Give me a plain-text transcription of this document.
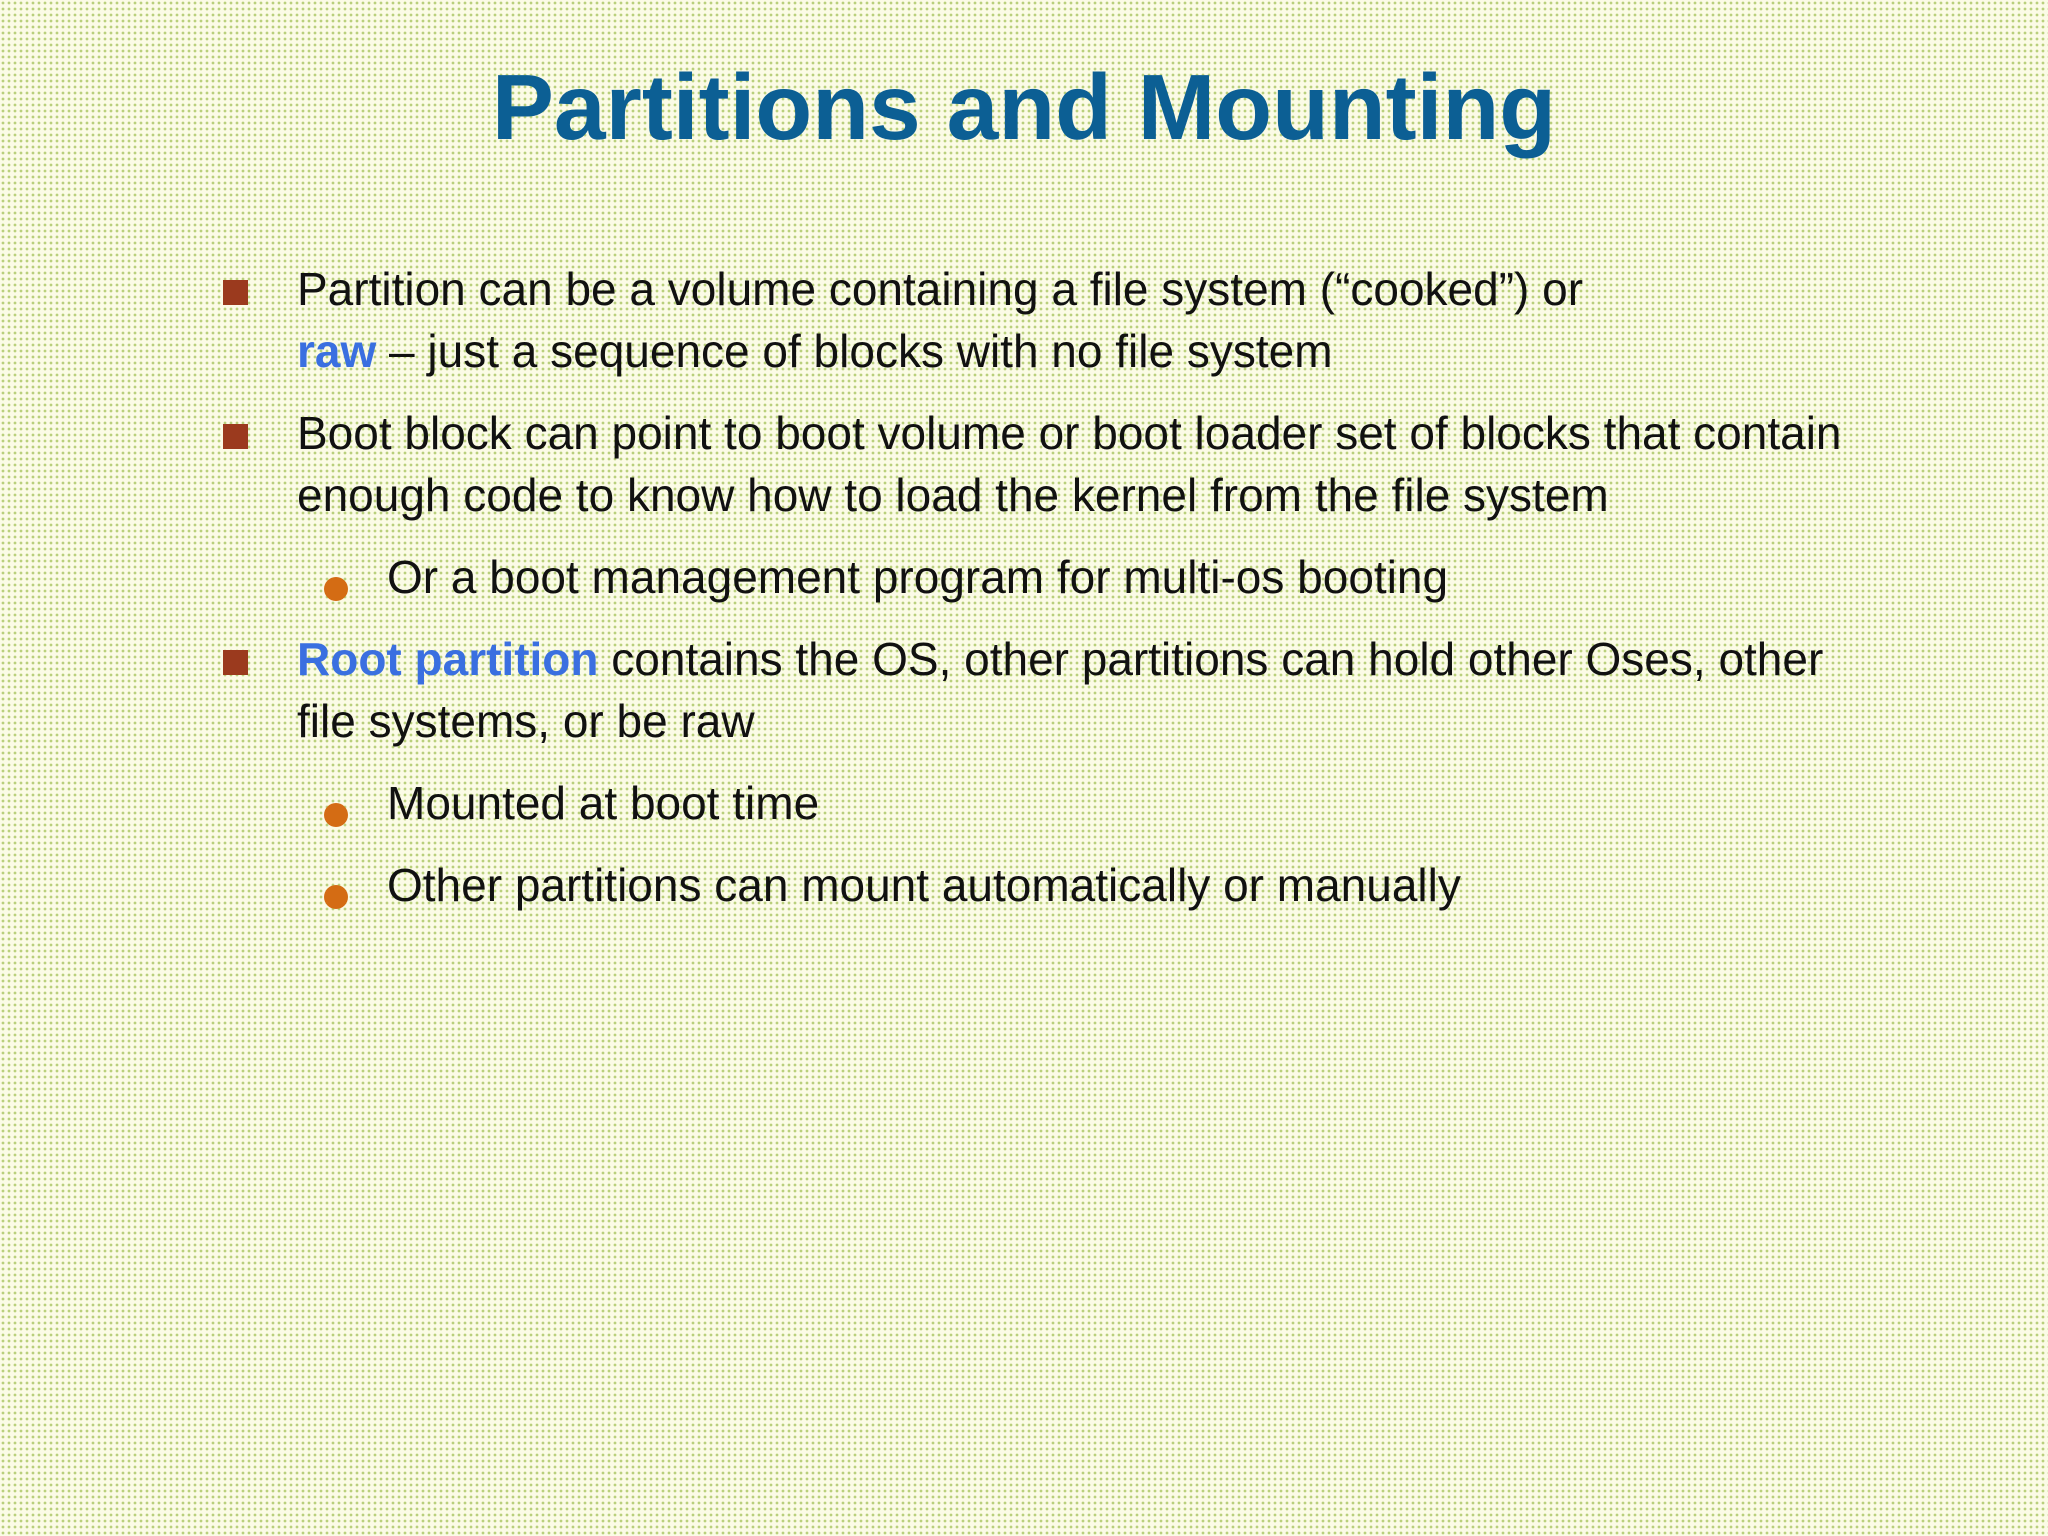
Partitions and Mounting
Partition can be a volume containing a file system (“cooked”) or
raw – just a sequence of blocks with no file system
Boot block can point to boot volume or boot loader set of blocks that contain enough code to know how to load the kernel from the file system
Or a boot management program for multi-os booting
Root partition contains the OS, other partitions can hold other Oses, other file systems, or be raw
Mounted at boot time
Other partitions can mount automatically or manually
